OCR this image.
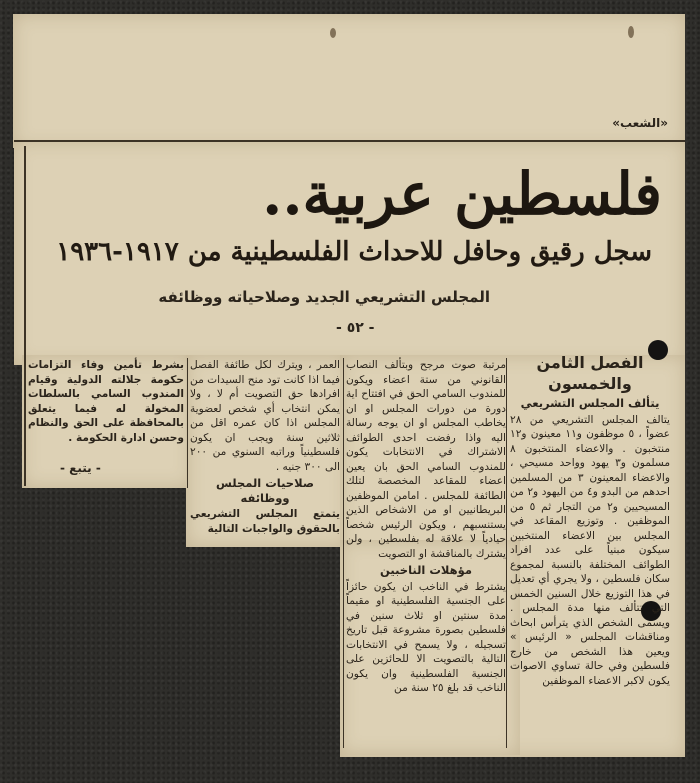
«الشعب»

فلسطين عربية..
سجل رقيق وحافل للاحداث الفلسطينية من ١٩١٧-١٩٣٦

المجلس التشريعي الجديد وصلاحياته ووظائفه

- ٥٢ -

الفصل الثامن والخمسون

يتألف المجلس التشريعي

يتالف المجلس التشريعي من ٢٨ عضواً ، ٥ موظفون و١١ معينون و١٢ منتخبون . والاعضاء المنتخبون ٨ مسلمون و٣ يهود وواحد مسيحي ، والاعضاء المعينون ٣ من المسلمين احدهم من البدو و٤ من اليهود و٢ من المسيحيين و٢ من التجار ثم ٥ من الموظفين . وتوزيع المقاعد في المجلس بين الاعضاء المنتخبين سيكون مبنياً على عدد افراد الطوائف المختلفة بالنسبة لمجموع سكان فلسطين ، ولا يجري أي تعديل في هذا التوزيع خلال السنين الخمس التي تتألف منها مدة المجلس . ويسمى الشخص الذي يترأس ابحاث ومناقشات المجلس « الرئيس » ويعين هذا الشخص من خارج فلسطين وفي حالة تساوي الاصوات يكون لاكبر الاعضاء الموظفين

مرتبة صوت مرجح وبتألف النصاب القانوني من ستة اعضاء ويكون للمندوب السامي الحق في افتتاح اية دورة من دورات المجلس او ان يخاطب المجلس او ان يوجه رسالة اليه واذا رفضت احدى الطوائف الاشتراك في الانتخابات يكون للمندوب السامي الحق بان يعين اعضاء للمقاعد المخصصة لتلك الطائفة للمجلس . امامن الموظفين البريطانيين او من الاشخاص الذين يستنسبهم ، ويكون الرئيس شخصاً حيادياً لا علاقة له بفلسطين ، ولن يشترك بالمناقشة او التصويت

مؤهلات الناخبين

يشترط في الناخب ان يكون حائزاً على الجنسية الفلسطينية او مقيماً مدة سنتين او ثلاث سنين في فلسطين بصورة مشروعة قبل تاريخ تسجيله ، ولا يسمح في الانتخابات التالية بالتصويت الا للحائزين على الجنسية الفلسطينية وان يكون الناخب قد بلغ ٢٥ سنة من

العمر ، ويترك لكل طائفة الفصل فيما اذا كانت تود منح السيدات من افرادها حق التصويت أم لا ، ولا يمكن انتخاب أي شخص لعضوية المجلس اذا كان عمره اقل من ثلاثين سنة ويجب ان يكون فلسطينياً وراتبه السنوي من ٢٠٠ الى ٣٠٠ جنيه .

صلاحيات المجلس ووظائفه

يتمتع المجلس التشريعي بالحقوق والواجبات التالية

بشرط تأمين وفاء التزامات حكومة جلالته الدولية وقيام المندوب السامي بالسلطات المخولة له فيما يتعلق بالمحافظة على الحق والنظام وحسن ادارة الحكومة .

- يتبع -
